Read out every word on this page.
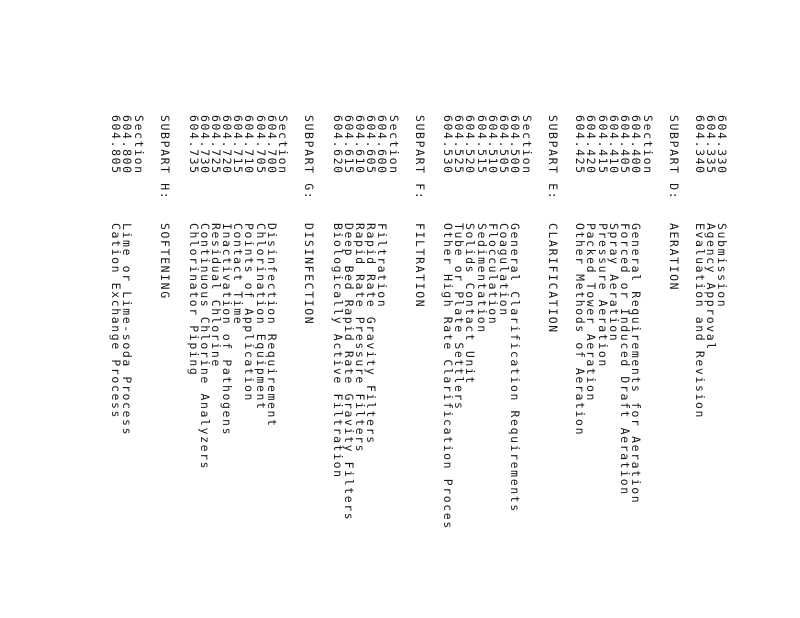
604.330
Submission
604.335
Agency Approval
604.340
Evaluation and Revision
SUBPART D:
AERATION
Section
604.400
General Requirements for Aeration
604.405
Forced or Induced Draft Aeration
604.410
Spray Aeration
604.415
Pressure Aeration
604.420
Packed Tower Aeration
604.425
Other Methods of Aeration
SUBPART E:
CLARIFICATION
Section
604.500
General Clarification Requirements
604.505
Coagulation
604.510
Flocculation
604.515
Sedimentation
604.520
Solids Contact Unit
604.525
Tube or Plate Settlers
604.530
Other High Rate Clarification Proces
SUBPART F:
FILTRATION
Section
604.600
Filtration
604.605
Rapid Rate Gravity Filters
604.610
Rapid Rate Pressure Filters
604.615
Deep Bed Rapid Rate Gravity Filters
604.620
Biologically Active Filtration
SUBPART G:
DISINFECTION
Section
604.700
Disinfection Requirement
604.705
Chlorination Equipment
604.710
Points of Application
604.715
Contact Time
604.720
Inactivation of Pathogens
604.725
Residual Chlorine
604.730
Continuous Chlorine Analyzers
604.735
Chlorinator Piping
SUBPART H:
SOFTENING
Section
604.800
Lime or Lime-soda Process
604.805
Cation Exchange Process
